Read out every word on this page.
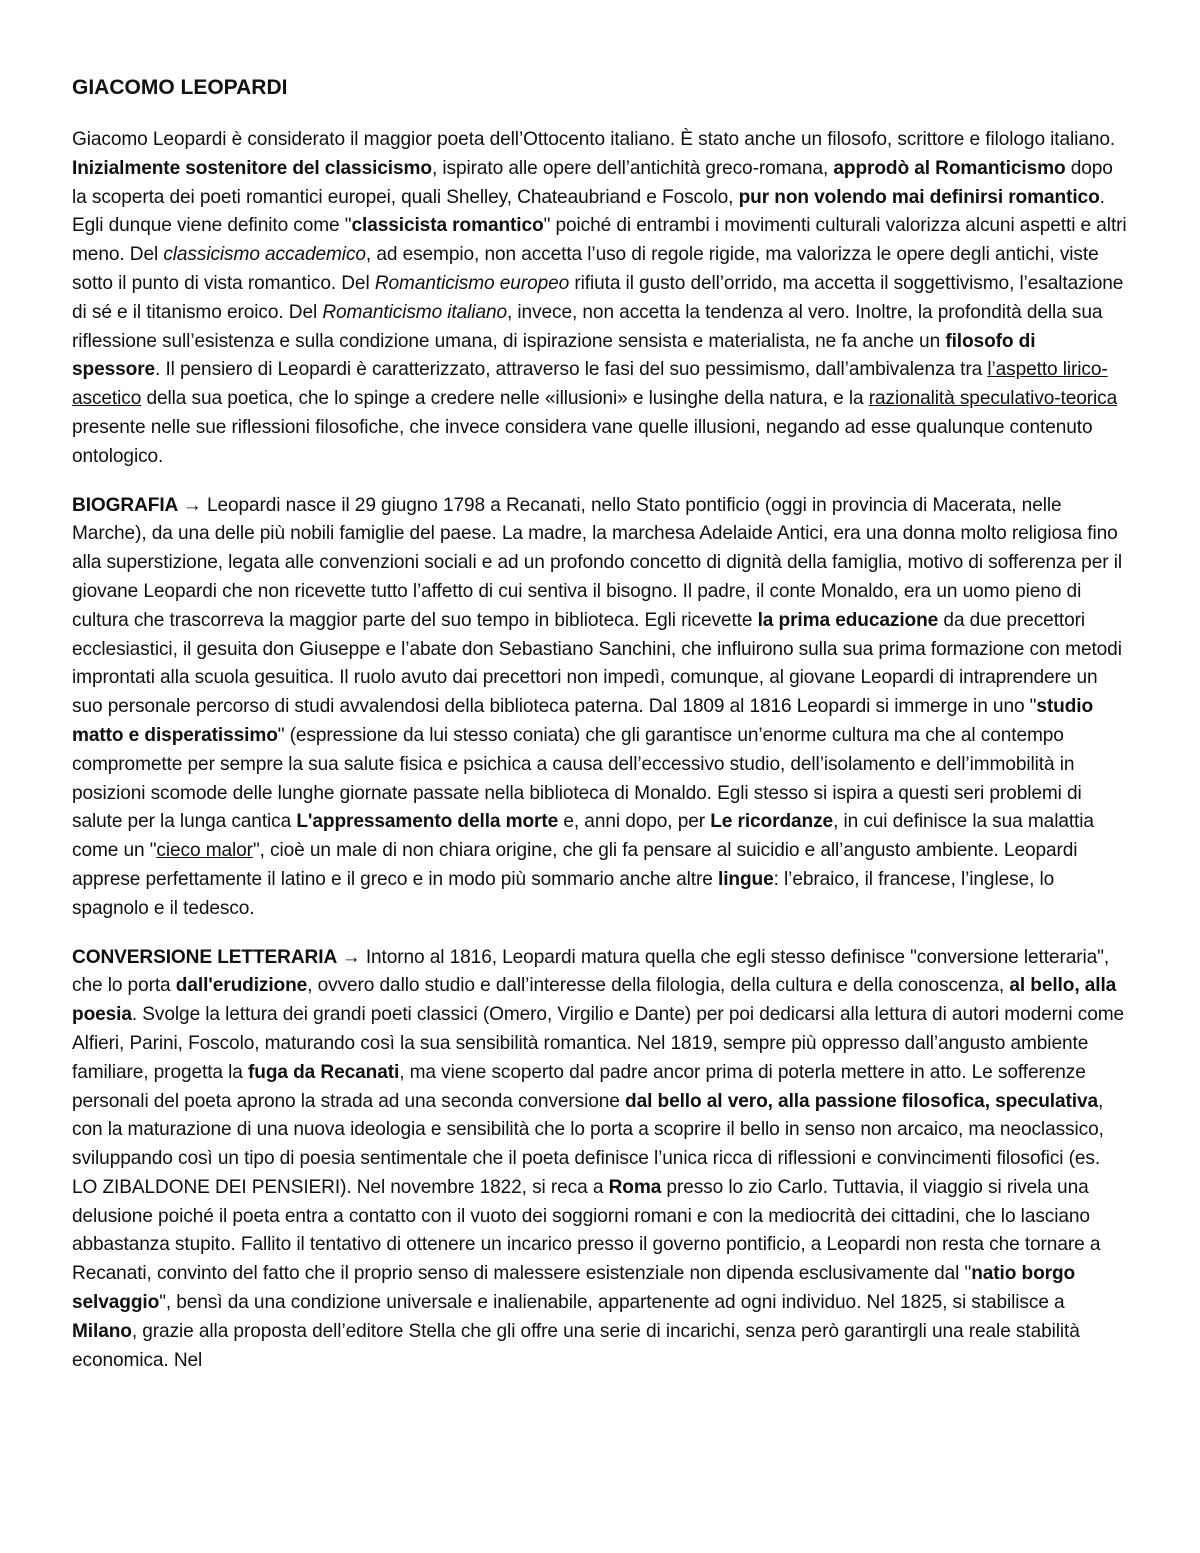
GIACOMO LEOPARDI

Giacomo Leopardi è considerato il maggior poeta dell’Ottocento italiano. È stato anche un filosofo, scrittore e filologo italiano. Inizialmente sostenitore del classicismo, ispirato alle opere dell’antichità greco-romana, approdò al Romanticismo dopo la scoperta dei poeti romantici europei, quali Shelley, Chateaubriand e Foscolo, pur non volendo mai definirsi romantico. Egli dunque viene definito come "classicista romantico" poiché di entrambi i movimenti culturali valorizza alcuni aspetti e altri meno. Del classicismo accademico, ad esempio, non accetta l’uso di regole rigide, ma valorizza le opere degli antichi, viste sotto il punto di vista romantico. Del Romanticismo europeo rifiuta il gusto dell’orrido, ma accetta il soggettivismo, l’esaltazione di sé e il titanismo eroico. Del Romanticismo italiano, invece, non accetta la tendenza al vero. Inoltre, la profondità della sua riflessione sull’esistenza e sulla condizione umana, di ispirazione sensista e materialista, ne fa anche un filosofo di spessore. Il pensiero di Leopardi è caratterizzato, attraverso le fasi del suo pessimismo, dall’ambivalenza tra l’aspetto lirico-ascetico della sua poetica, che lo spinge a credere nelle «illusioni» e lusinghe della natura, e la razionalità speculativo-teorica presente nelle sue riflessioni filosofiche, che invece considera vane quelle illusioni, negando ad esse qualunque contenuto ontologico.

BIOGRAFIA → Leopardi nasce il 29 giugno 1798 a Recanati, nello Stato pontificio (oggi in provincia di Macerata, nelle Marche), da una delle più nobili famiglie del paese. La madre, la marchesa Adelaide Antici, era una donna molto religiosa fino alla superstizione, legata alle convenzioni sociali e ad un profondo concetto di dignità della famiglia, motivo di sofferenza per il giovane Leopardi che non ricevette tutto l’affetto di cui sentiva il bisogno. Il padre, il conte Monaldo, era un uomo pieno di cultura che trascorreva la maggior parte del suo tempo in biblioteca. Egli ricevette la prima educazione da due precettori ecclesiastici, il gesuita don Giuseppe e l’abate don Sebastiano Sanchini, che influirono sulla sua prima formazione con metodi improntati alla scuola gesuitica. Il ruolo avuto dai precettori non impedì, comunque, al giovane Leopardi di intraprendere un suo personale percorso di studi avvalendosi della biblioteca paterna. Dal 1809 al 1816 Leopardi si immerge in uno "studio matto e disperatissimo" (espressione da lui stesso coniata) che gli garantisce un’enorme cultura ma che al contempo compromette per sempre la sua salute fisica e psichica a causa dell’eccessivo studio, dell’isolamento e dell’immobilità in posizioni scomode delle lunghe giornate passate nella biblioteca di Monaldo. Egli stesso si ispira a questi seri problemi di salute per la lunga cantica L'appressamento della morte e, anni dopo, per Le ricordanze, in cui definisce la sua malattia come un "cieco malor", cioè un male di non chiara origine, che gli fa pensare al suicidio e all’angusto ambiente. Leopardi apprese perfettamente il latino e il greco e in modo più sommario anche altre lingue: l’ebraico, il francese, l’inglese, lo spagnolo e il tedesco.

CONVERSIONE LETTERARIA → Intorno al 1816, Leopardi matura quella che egli stesso definisce "conversione letteraria", che lo porta dall'erudizione, ovvero dallo studio e dall’interesse della filologia, della cultura e della conoscenza, al bello, alla poesia. Svolge la lettura dei grandi poeti classici (Omero, Virgilio e Dante) per poi dedicarsi alla lettura di autori moderni come Alfieri, Parini, Foscolo, maturando così la sua sensibilità romantica. Nel 1819, sempre più oppresso dall’angusto ambiente familiare, progetta la fuga da Recanati, ma viene scoperto dal padre ancor prima di poterla mettere in atto. Le sofferenze personali del poeta aprono la strada ad una seconda conversione dal bello al vero, alla passione filosofica, speculativa, con la maturazione di una nuova ideologia e sensibilità che lo porta a scoprire il bello in senso non arcaico, ma neoclassico, sviluppando così un tipo di poesia sentimentale che il poeta definisce l’unica ricca di riflessioni e convincimenti filosofici (es. LO ZIBALDONE DEI PENSIERI). Nel novembre 1822, si reca a Roma presso lo zio Carlo. Tuttavia, il viaggio si rivela una delusione poiché il poeta entra a contatto con il vuoto dei soggiorni romani e con la mediocrità dei cittadini, che lo lasciano abbastanza stupito. Fallito il tentativo di ottenere un incarico presso il governo pontificio, a Leopardi non resta che tornare a Recanati, convinto del fatto che il proprio senso di malessere esistenziale non dipenda esclusivamente dal "natio borgo selvaggio", bensì da una condizione universale e inalienabile, appartenente ad ogni individuo. Nel 1825, si stabilisce a Milano, grazie alla proposta dell’editore Stella che gli offre una serie di incarichi, senza però garantirgli una reale stabilità economica. Nel
